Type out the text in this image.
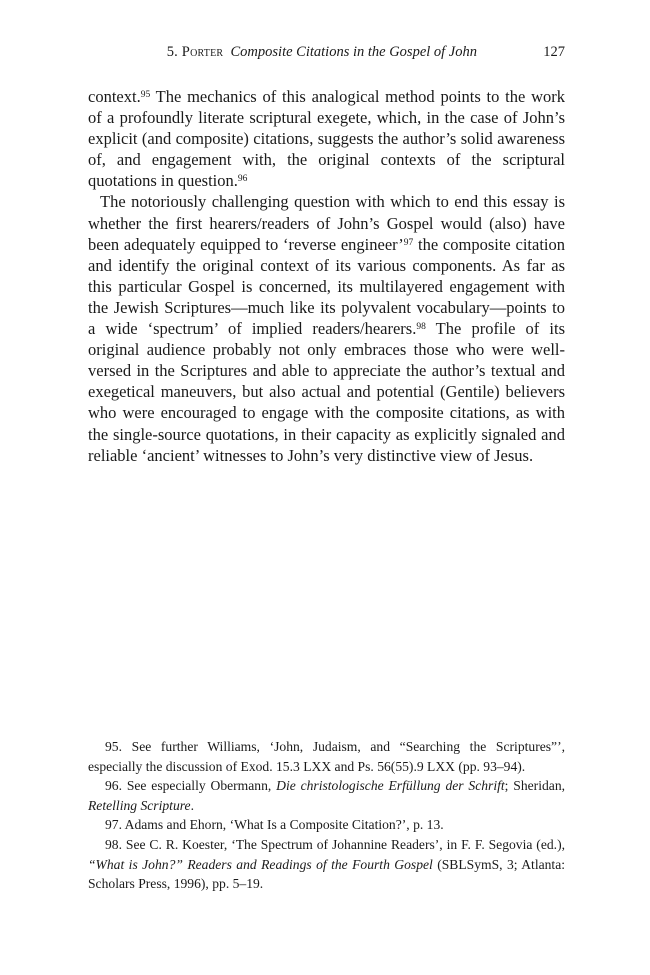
5. Porter Composite Citations in the Gospel of John	127

context.$^{95}$ The mechanics of this analogical method points to the work of a profoundly literate scriptural exegete, which, in the case of John’s explicit (and composite) citations, suggests the author’s solid awareness of, and engagement with, the original contexts of the scriptural quotations in question.$^{96}$

The notoriously challenging question with which to end this essay is whether the first hearers/readers of John’s Gospel would (also) have been adequately equipped to ‘reverse engineer’$^{97}$ the composite citation and identify the original context of its various components. As far as this particular Gospel is concerned, its multilayered engagement with the Jewish Scriptures—much like its polyvalent vocabulary—points to a wide ‘spectrum’ of implied readers/hearers.$^{98}$ The profile of its original audience probably not only embraces those who were well-versed in the Scriptures and able to appreciate the author’s textual and exegetical maneuvers, but also actual and potential (Gentile) believers who were encouraged to engage with the composite citations, as with the single-source quotations, in their capacity as explicitly signaled and reliable ‘ancient’ witnesses to John’s very distinctive view of Jesus.

95. See further Williams, ‘John, Judaism, and “Searching the Scriptures”’, especially the discussion of Exod. 15.3 LXX and Ps. 56(55).9 LXX (pp. 93–94).

96. See especially Obermann, Die christologische Erfüllung der Schrift; Sheridan, Retelling Scripture.

97. Adams and Ehorn, ‘What Is a Composite Citation?’, p. 13.

98. See C. R. Koester, ‘The Spectrum of Johannine Readers’, in F. F. Segovia (ed.), “What is John?” Readers and Readings of the Fourth Gospel (SBLSymS, 3; Atlanta: Scholars Press, 1996), pp. 5–19.
